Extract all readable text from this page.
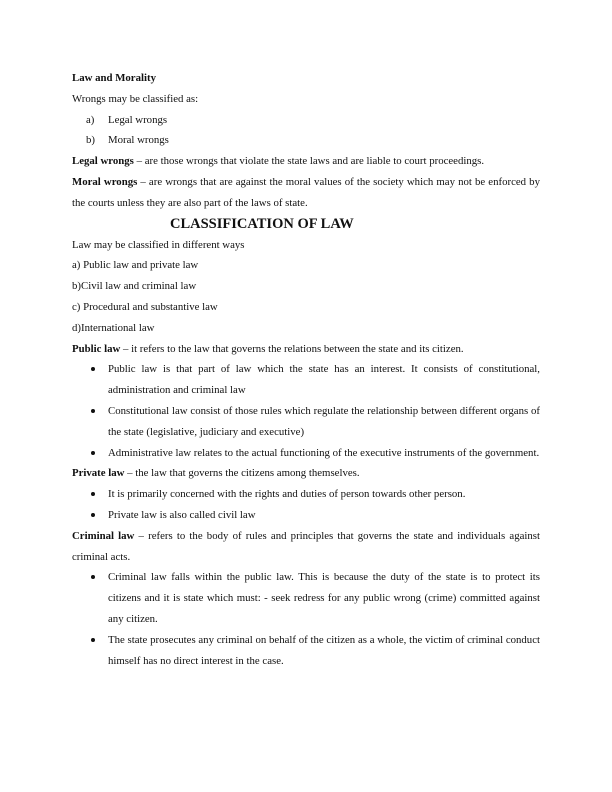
Law and Morality

Wrongs may be classified as:

a) Legal wrongs

b) Moral wrongs

Legal wrongs – are those wrongs that violate the state laws and are liable to court proceedings.

Moral wrongs – are wrongs that are against the moral values of the society which may not be enforced by the courts unless they are also part of the laws of state.

CLASSIFICATION OF LAW

Law may be classified in different ways

a) Public law and private law

b)Civil law and criminal law

c) Procedural and substantive law

d)International law

Public law – it refers to the law that governs the relations between the state and its citizen.

Public law is that part of law which the state has an interest. It consists of constitutional, administration and criminal law

Constitutional law consist of those rules which regulate the relationship between different organs of the state (legislative, judiciary and executive)

Administrative law relates to the actual functioning of the executive instruments of the government.

Private law – the law that governs the citizens among themselves.

It is primarily concerned with the rights and duties of person towards other person.

Private law is also called civil law

Criminal law – refers to the body of rules and principles that governs the state and individuals against criminal acts.

Criminal law falls within the public law. This is because the duty of the state is to protect its citizens and it is state which must: - seek redress for any public wrong (crime) committed against any citizen.

The state prosecutes any criminal on behalf of the citizen as a whole, the victim of criminal conduct himself has no direct interest in the case.
